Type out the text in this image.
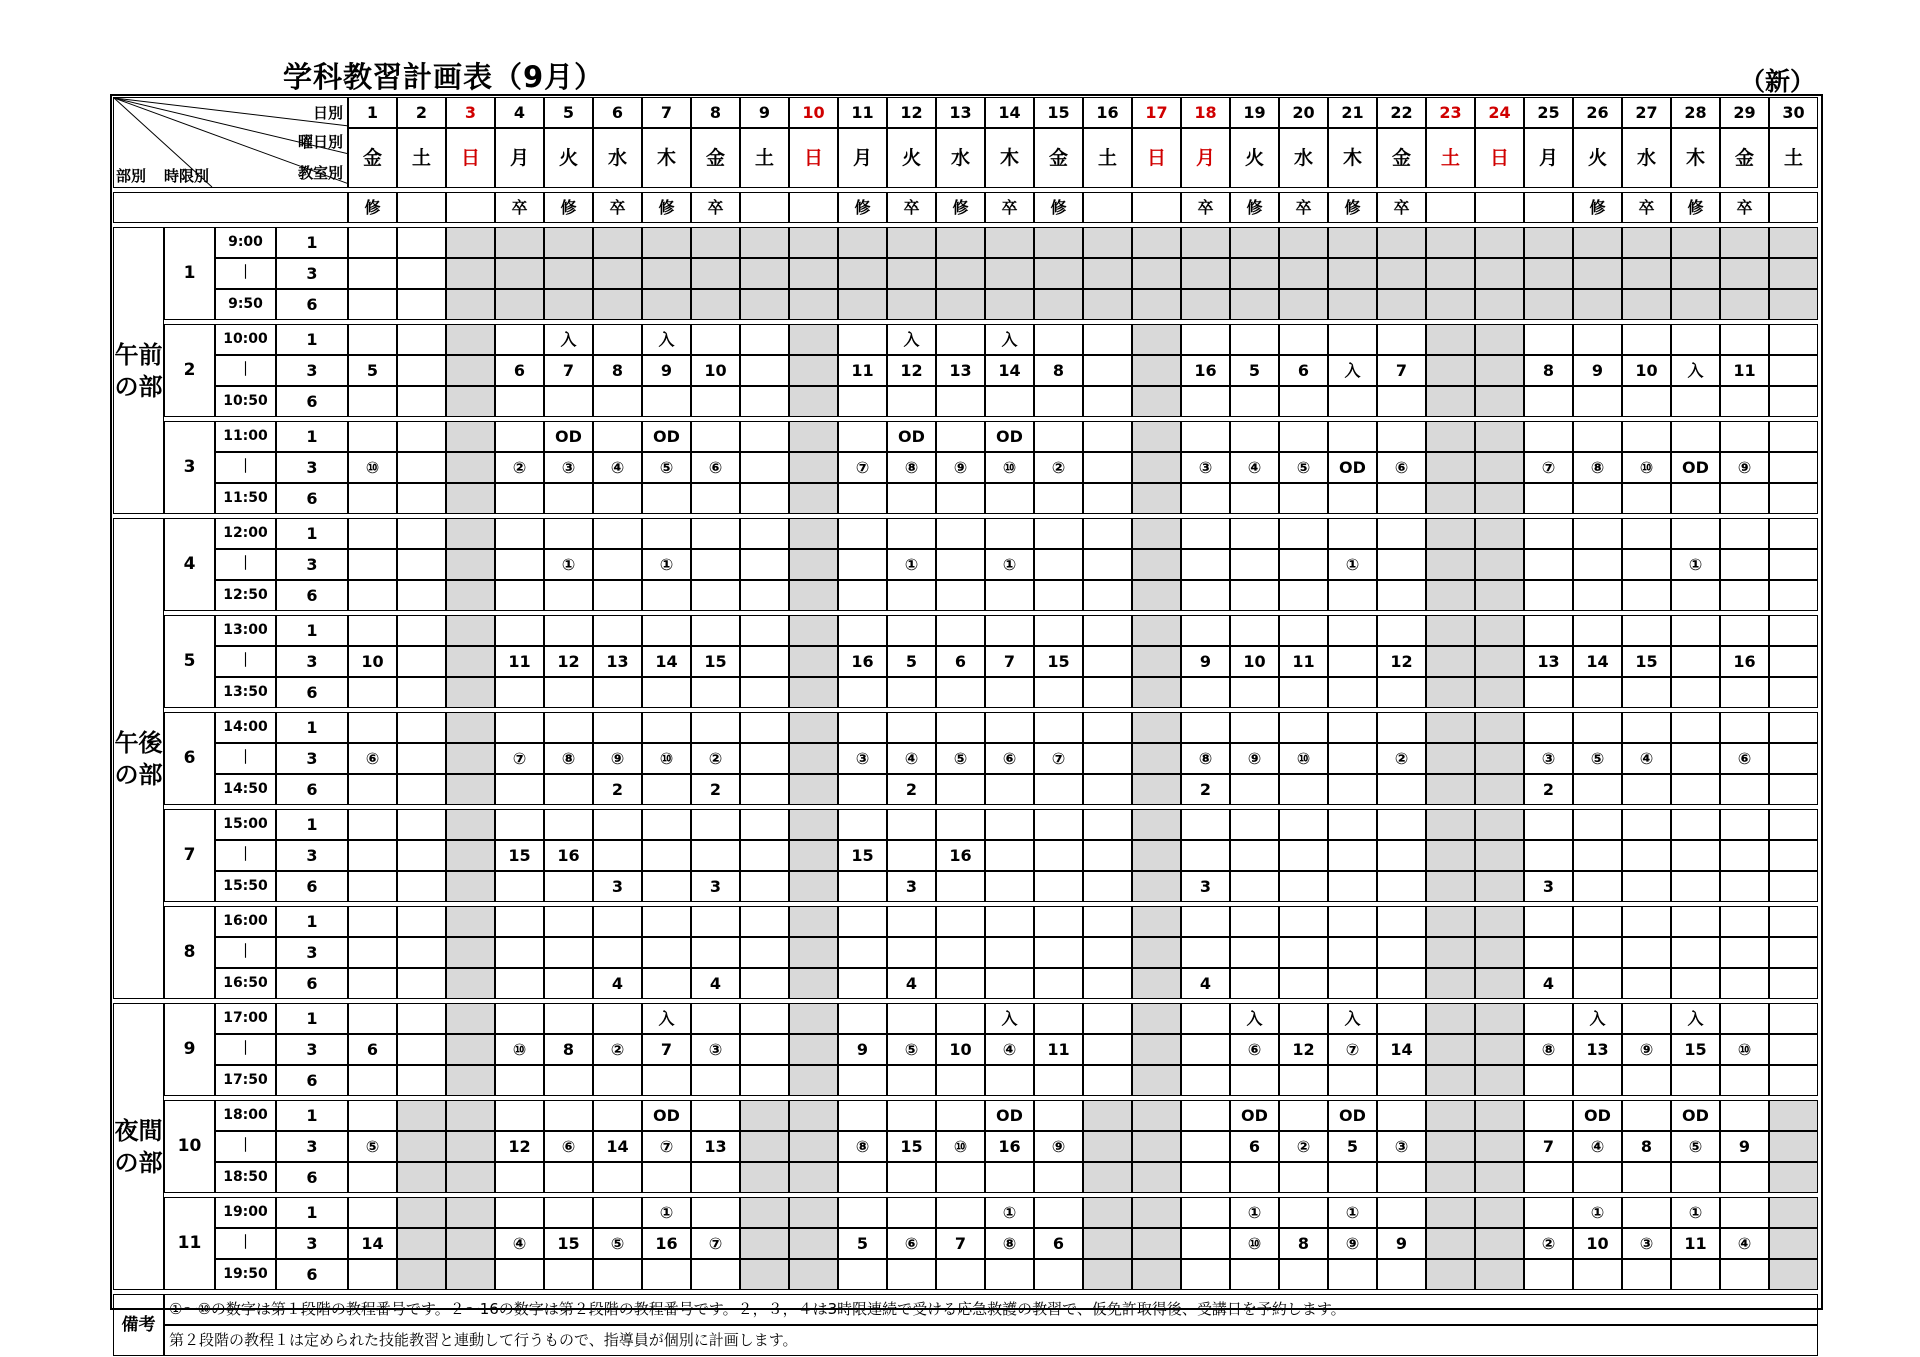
学科教習計画表（9月）	（新）
日別
曜日別
教室別
部別 時限別				1	2	3	4	5	6	7	8	9	10	11	12	13	14	15	16	17	18	19	20	21	22	23	24	25	26	27	28	29	30
				金	土	日	月	火	水	木	金	土	日	月	火	水	木	金	土	日	月	火	水	木	金	土	日	月	火	水	木	金	土

				修			卒	修	卒	修	卒			修	卒	修	卒	修			卒	修	卒	修	卒				修	卒	修	卒	

午前の部	1	9:00	1																														
		｜	3																														
		9:50	6																														

	2	10:00	1					入		入					入		入																
		｜	3	5			6	7	8	9	10			11	12	13	14	8			16	5	6	入	7			8	9	10	入	11	
		10:50	6																														

	3	11:00	1					OD		OD					OD		OD																
		｜	3	⑩			②	③	④	⑤	⑥			⑦	⑧	⑨	⑩	②			③	④	⑤	OD	⑥			⑦	⑧	⑩	OD	⑨	
		11:50	6																														

午後の部	4	12:00	1																														
		｜	3					①		①					①		①							①							①		
		12:50	6																														

	5	13:00	1																														
		｜	3	10			11	12	13	14	15			16	5	6	7	15			9	10	11		12			13	14	15		16	
		13:50	6																														

	6	14:00	1																														
		｜	3	⑥			⑦	⑧	⑨	⑩	②			③	④	⑤	⑥	⑦			⑧	⑨	⑩		②			③	⑤	④		⑥	
		14:50	6						2		2				2						2							2					

	7	15:00	1																														
		｜	3				15	16						15		16																	
		15:50	6						3		3				3						3							3					

	8	16:00	1																														
		｜	3																														
		16:50	6						4		4				4						4							4					

夜間の部	9	17:00	1							入							入					入		入					入		入		
		｜	3	6			⑩	8	②	7	③			9	⑤	10	④	11				⑥	12	⑦	14			⑧	13	⑨	15	⑩	
		17:50	6																														

	10	18:00	1							OD							OD					OD		OD					OD		OD		
		｜	3	⑤			12	⑥	14	⑦	13			⑧	15	⑩	16	⑨				6	②	5	③			7	④	8	⑤	9	
		18:50	6																														

	11	19:00	1							①							①					①		①					①		①		
		｜	3	14			④	15	⑤	16	⑦			5	⑥	7	⑧	6				⑩	8	⑨	9			②	10	③	11	④	
		19:50	6																														

備考	①～⑩の数字は第１段階の教程番号です。２～16の数字は第２段階の教程番号です。２，３，４は3時限連続で受ける応急救護の教習で、仮免許取得後、受講日を予約します。																																
	第２段階の教程１は定められた技能教習と連動して行うもので、指導員が個別に計画します。																																
